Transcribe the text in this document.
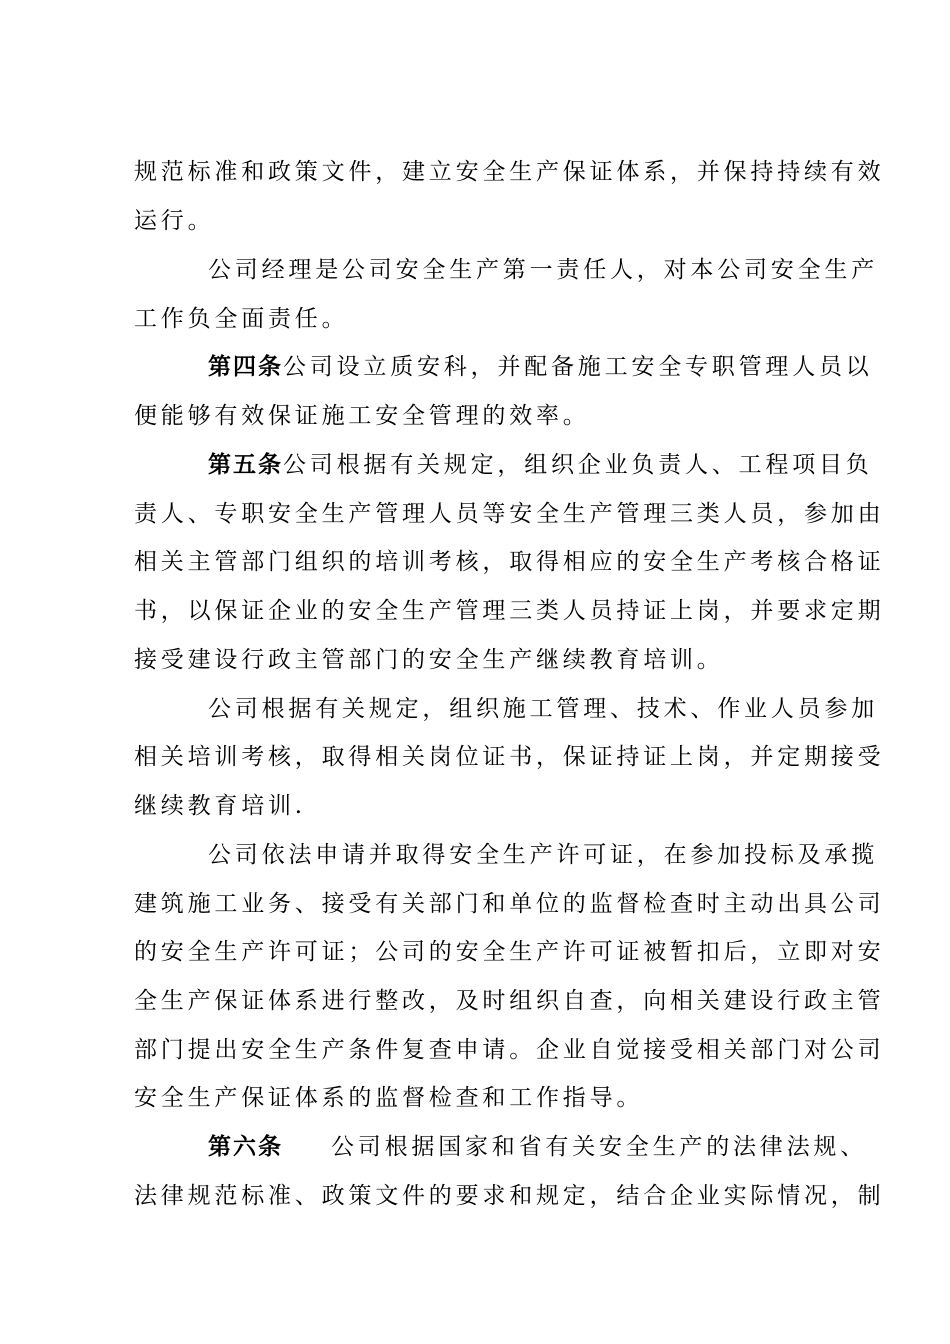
规范标准和政策文件，建立安全生产保证体系，并保持持续有效
运行。
公司经理是公司安全生产第一责任人，对本公司安全生产
工作负全面责任。
第四条公司设立质安科，并配备施工安全专职管理人员以
便能够有效保证施工安全管理的效率。
第五条公司根据有关规定，组织企业负责人、工程项目负
责人、专职安全生产管理人员等安全生产管理三类人员，参加由
相关主管部门组织的培训考核，取得相应的安全生产考核合格证
书，以保证企业的安全生产管理三类人员持证上岗，并要求定期
接受建设行政主管部门的安全生产继续教育培训。
公司根据有关规定，组织施工管理、技术、作业人员参加
相关培训考核，取得相关岗位证书，保证持证上岗，并定期接受
继续教育培训.
公司依法申请并取得安全生产许可证，在参加投标及承揽
建筑施工业务、接受有关部门和单位的监督检查时主动出具公司
的安全生产许可证；公司的安全生产许可证被暂扣后，立即对安
全生产保证体系进行整改，及时组织自查，向相关建设行政主管
部门提出安全生产条件复查申请。企业自觉接受相关部门对公司
安全生产保证体系的监督检查和工作指导。
第六条 公司根据国家和省有关安全生产的法律法规、
法律规范标准、政策文件的要求和规定，结合企业实际情况，制
